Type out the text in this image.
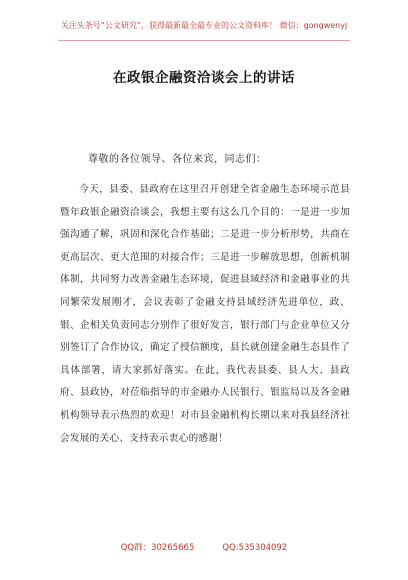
关注头条号“公文研究”，获得最新最全最专业的公文资料库！ 微信：gongwenyj
在政银企融资洽谈会上的讲话
尊敬的各位领导、各位来宾，同志们：

今天，县委、县政府在这里召开创建全省金融生态环境示范县暨年政银企融资洽谈会，我想主要有这么几个目的：一是进一步加强沟通了解，巩固和深化合作基础；二是进一步分析形势，共商在更高层次、更大范围的对接合作；三是进一步解放思想，创新机制体制，共同努力改善金融生态环境，促进县域经济和金融事业的共同繁荣发展刚才，会议表彰了金融支持县域经济先进单位，政、银、企相关负责同志分别作了很好发言，银行部门与企业单位又分别签订了合作协议，确定了授信额度，县长就创建金融生态县作了具体部署，请大家抓好落实。在此，我代表县委、县人大、县政府、县政协，对莅临指导的市金融办人民银行、银监局以及各金融机构领导表示热烈的欢迎！对市县金融机构长期以来对我县经济社会发展的关心、支持表示衷心的感谢！

QQ群：30265665	QQ:535304092
